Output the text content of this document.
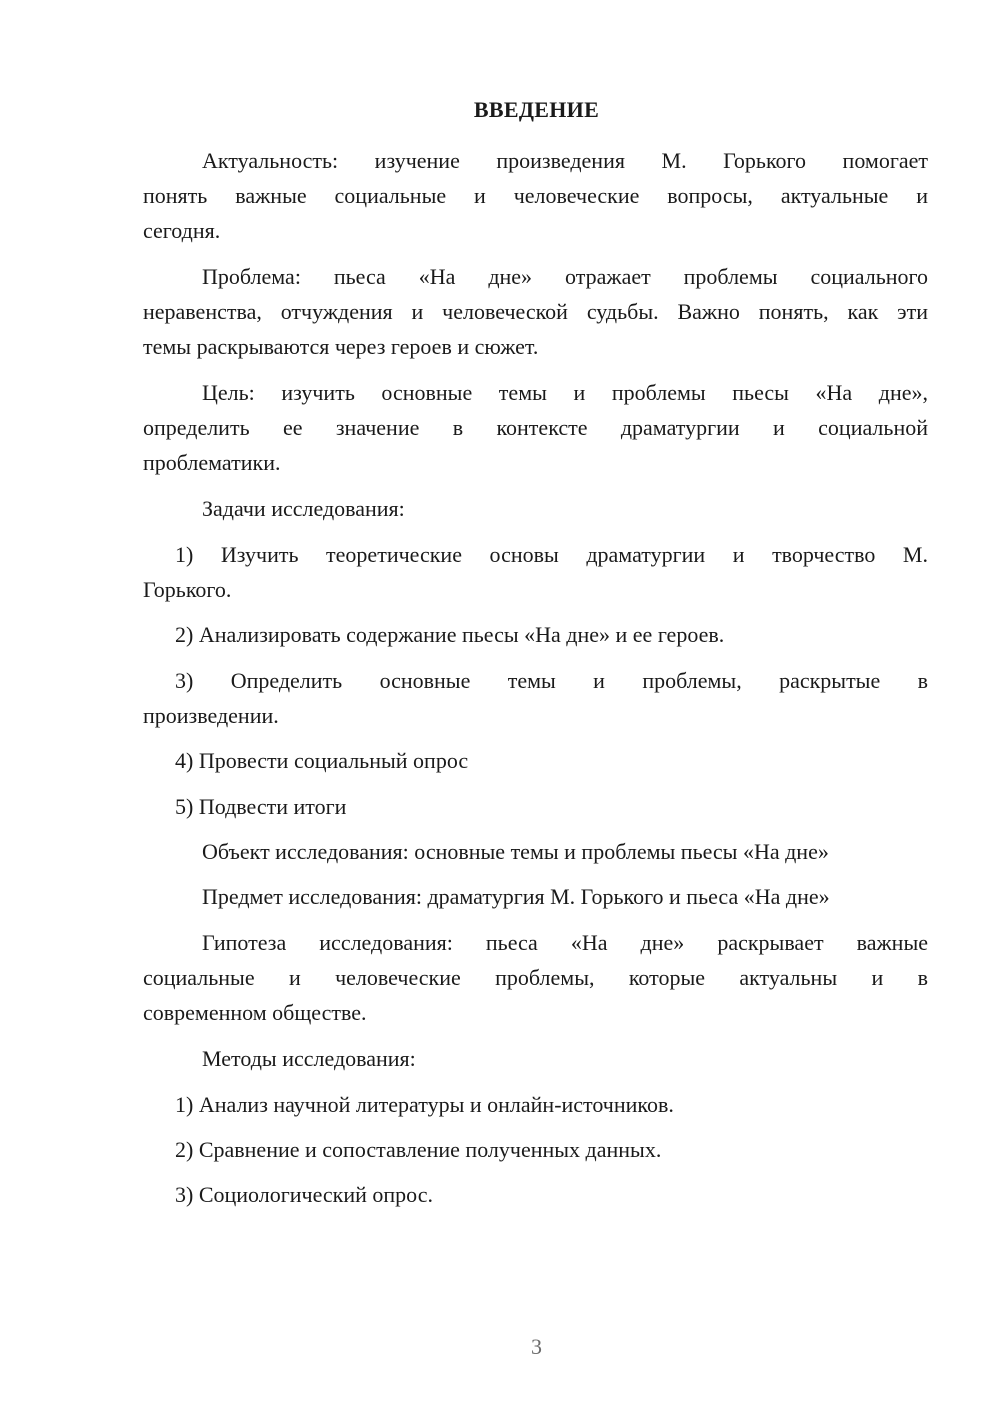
ВВЕДЕНИЕ
Актуальность: изучение произведения М. Горького помогает
понять важные социальные и человеческие вопросы, актуальные и
сегодня.
Проблема: пьеса «На дне» отражает проблемы социального
неравенства, отчуждения и человеческой судьбы. Важно понять, как эти
темы раскрываются через героев и сюжет.
Цель: изучить основные темы и проблемы пьесы «На дне»,
определить ее значение в контексте драматургии и социальной
проблематики.
Задачи исследования:
1) Изучить теоретические основы драматургии и творчество М.
Горького.
2) Анализировать содержание пьесы «На дне» и ее героев.
3) Определить основные темы и проблемы, раскрытые в
произведении.
4) Провести социальный опрос
5) Подвести итоги
Объект исследования: основные темы и проблемы пьесы «На дне»
Предмет исследования: драматургия М. Горького и пьеса «На дне»
Гипотеза исследования: пьеса «На дне» раскрывает важные
социальные и человеческие проблемы, которые актуальны и в
современном обществе.
Методы исследования:
1) Анализ научной литературы и онлайн-источников.
2) Сравнение и сопоставление полученных данных.
3) Социологический опрос.
3
